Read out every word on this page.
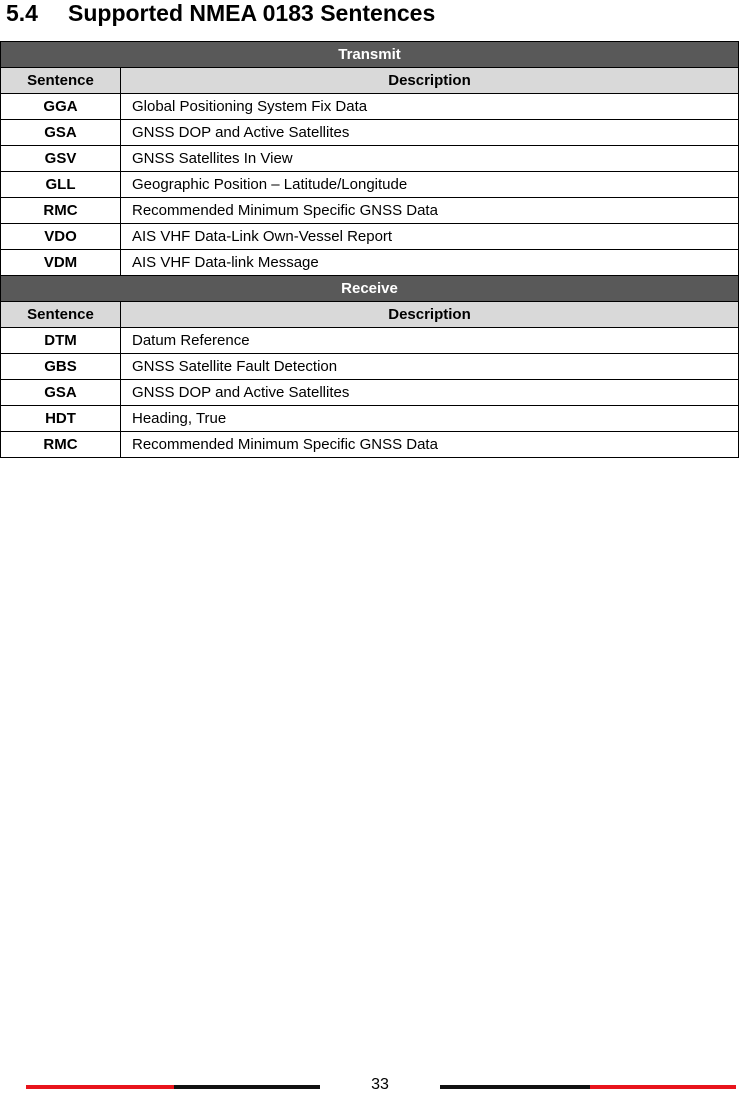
5.4 Supported NMEA 0183 Sentences
Transmit	
Sentence	Description
GGA	Global Positioning System Fix Data
GSA	GNSS DOP and Active Satellites
GSV	GNSS Satellites In View
GLL	Geographic Position – Latitude/Longitude
RMC	Recommended Minimum Specific GNSS Data
VDO	AIS VHF Data-Link Own-Vessel Report
VDM	AIS VHF Data-link Message
Receive	
Sentence	Description
DTM	Datum Reference
GBS	GNSS Satellite Fault Detection
GSA	GNSS DOP and Active Satellites
HDT	Heading, True
RMC	Recommended Minimum Specific GNSS Data
33
